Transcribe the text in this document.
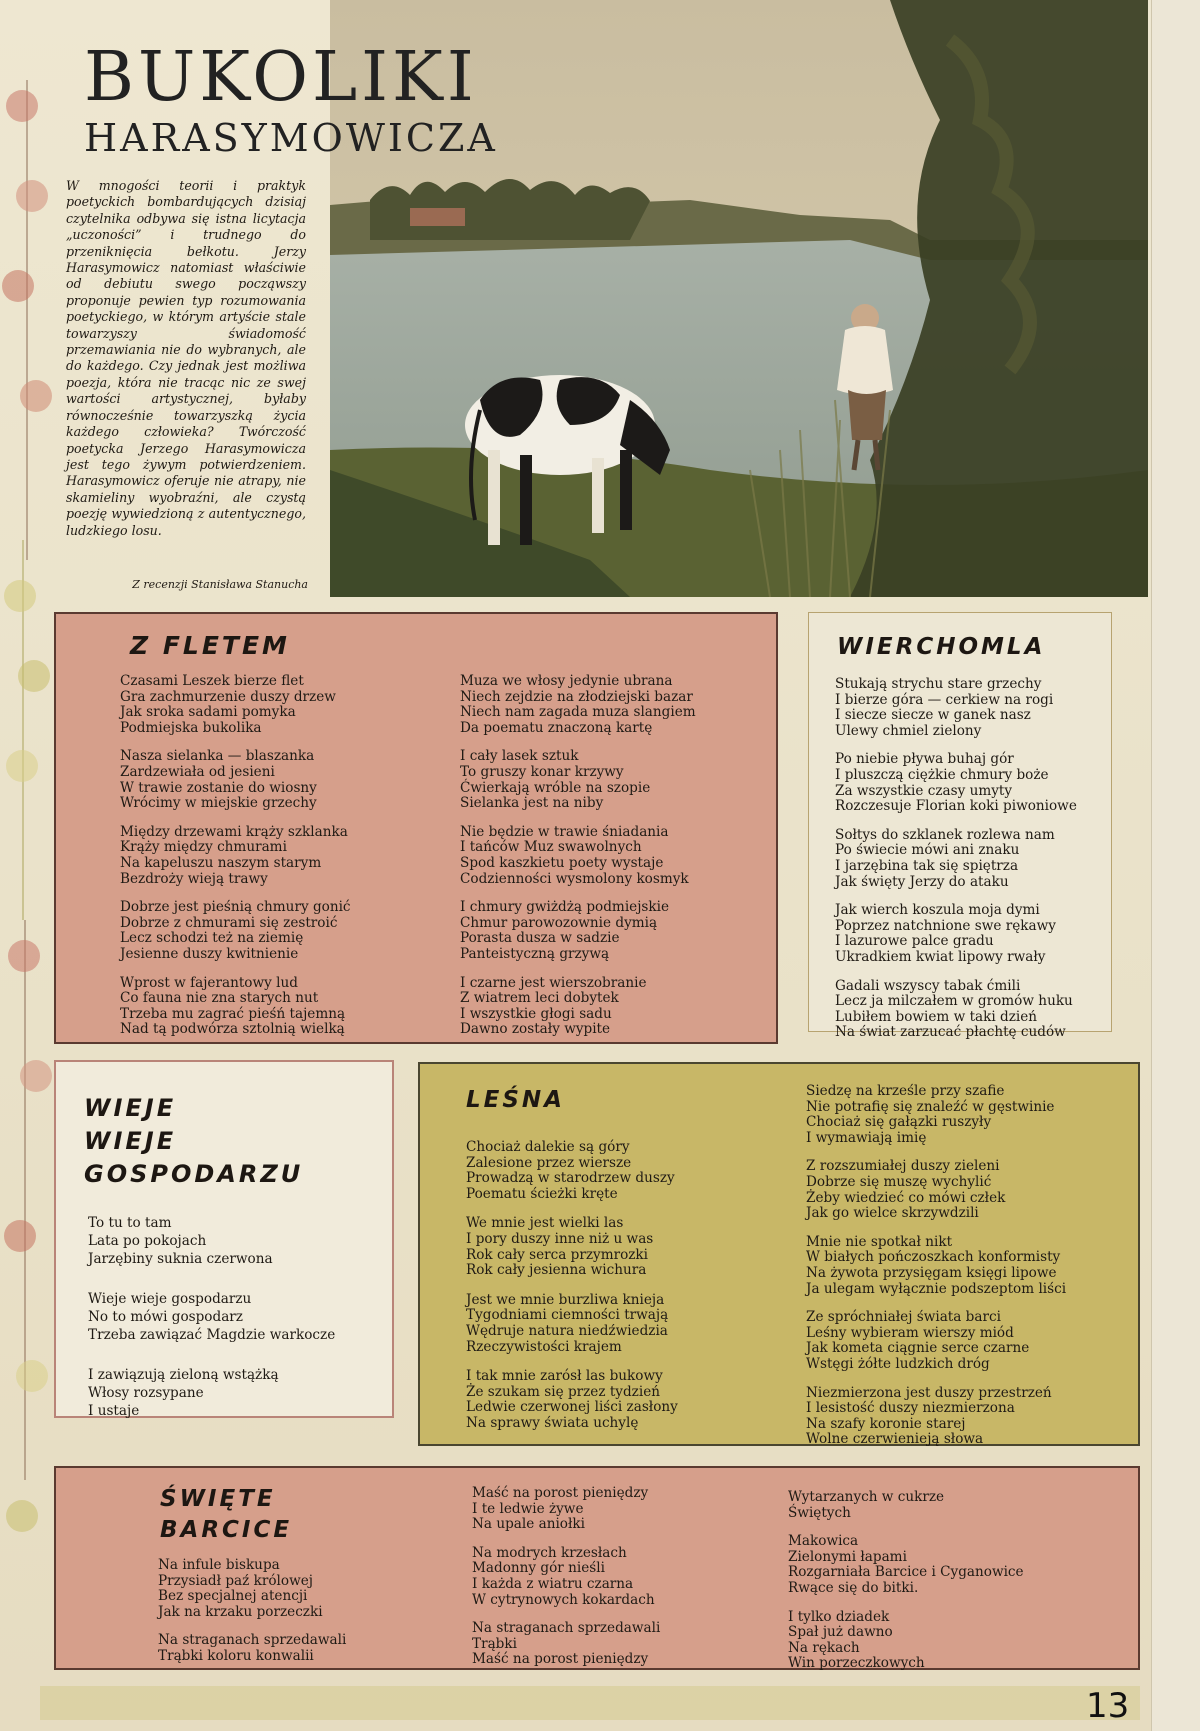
BUKOLIKI
HARASYMOWICZA
W mnogości teorii i praktyk poetyckich bombardujących dzisiaj czytelnika odbywa się istna licytacja „uczoności” i trudnego do przeniknięcia bełkotu. Jerzy Harasymowicz natomiast właściwie od debiutu swego począwszy proponuje pewien typ rozumowania poetyckiego, w którym artyście stale towarzyszy świadomość przemawiania nie do wybranych, ale do każdego. Czy jednak jest możliwa poezja, która nie tracąc nic ze swej wartości artystycznej, byłaby równocześnie towarzyszką życia każdego człowieka? Twórczość poetycka Jerzego Harasymowicza jest tego żywym potwierdzeniem. Harasymowicz oferuje nie atrapy, nie skamieliny wyobraźni, ale czystą poezję wywiedzioną z autentycznego, ludzkiego losu.
Z recenzji Stanisława Stanucha
Z FLETEM
Czasami Leszek bierze flet
Gra zachmurzenie duszy drzew
Jak sroka sadami pomyka
Podmiejska bukolika
Nasza sielanka — blaszanka
Zardzewiała od jesieni
W trawie zostanie do wiosny
Wrócimy w miejskie grzechy
Między drzewami krąży szklanka
Krąży między chmurami
Na kapeluszu naszym starym
Bezdroży wieją trawy
Dobrze jest pieśnią chmury gonić
Dobrze z chmurami się zestroić
Lecz schodzi też na ziemię
Jesienne duszy kwitnienie
Wprost w fajerantowy lud
Co fauna nie zna starych nut
Trzeba mu zagrać pieśń tajemną
Nad tą podwórza sztolnią wielką
Muza we włosy jedynie ubrana
Niech zejdzie na złodziejski bazar
Niech nam zagada muza slangiem
Da poematu znaczoną kartę
I cały lasek sztuk
To gruszy konar krzywy
Ćwierkają wróble na szopie
Sielanka jest na niby
Nie będzie w trawie śniadania
I tańców Muz swawolnych
Spod kaszkietu poety wystaje
Codzienności wysmolony kosmyk
I chmury gwiżdżą podmiejskie
Chmur parowozownie dymią
Porasta dusza w sadzie
Panteistyczną grzywą
I czarne jest wierszobranie
Z wiatrem leci dobytek
I wszystkie głogi sadu
Dawno zostały wypite
WIERCHOMLA
Stukają strychu stare grzechy
I bierze góra — cerkiew na rogi
I siecze siecze w ganek nasz
Ulewy chmiel zielony
Po niebie pływa buhaj gór
I pluszczą ciężkie chmury boże
Za wszystkie czasy umyty
Rozczesuje Florian koki piwoniowe
Sołtys do szklanek rozlewa nam
Po świecie mówi ani znaku
I jarzębina tak się spiętrza
Jak święty Jerzy do ataku
Jak wierch koszula moja dymi
Poprzez natchnione swe rękawy
I lazurowe palce gradu
Ukradkiem kwiat lipowy rwały
Gadali wszyscy tabak ćmili
Lecz ja milczałem w gromów huku
Lubiłem bowiem w taki dzień
Na świat zarzucać płachtę cudów
WIEJE
WIEJE
GOSPODARZU
To tu to tam
Lata po pokojach
Jarzębiny suknia czerwona
Wieje wieje gospodarzu
No to mówi gospodarz
Trzeba zawiązać Magdzie warkocze
I zawiązują zieloną wstążką
Włosy rozsypane
I ustaje
LEŚNA
Chociaż dalekie są góry
Zalesione przez wiersze
Prowadzą w starodrzew duszy
Poematu ścieżki kręte
We mnie jest wielki las
I pory duszy inne niż u was
Rok cały serca przymrozki
Rok cały jesienna wichura
Jest we mnie burzliwa knieja
Tygodniami ciemności trwają
Wędruje natura niedźwiedzia
Rzeczywistości krajem
I tak mnie zarósł las bukowy
Że szukam się przez tydzień
Ledwie czerwonej liści zasłony
Na sprawy świata uchylę
Siedzę na krześle przy szafie
Nie potrafię się znaleźć w gęstwinie
Chociaż się gałązki ruszyły
I wymawiają imię
Z rozszumiałej duszy zieleni
Dobrze się muszę wychylić
Żeby wiedzieć co mówi człek
Jak go wielce skrzywdzili
Mnie nie spotkał nikt
W białych pończoszkach konformisty
Na żywota przysięgam księgi lipowe
Ja ulegam wyłącznie podszeptom liści
Ze spróchniałej świata barci
Leśny wybieram wierszy miód
Jak kometa ciągnie serce czarne
Wstęgi żółte ludzkich dróg
Niezmierzona jest duszy przestrzeń
I lesistość duszy niezmierzona
Na szafy koronie starej
Wolne czerwienieją słowa
ŚWIĘTE
BARCICE
Na infule biskupa
Przysiadł paź królowej
Bez specjalnej atencji
Jak na krzaku porzeczki
Na straganach sprzedawali
Trąbki koloru konwalii
Maść na porost pieniędzy
I te ledwie żywe
Na upale aniołki
Na modrych krzesłach
Madonny gór nieśli
I każda z wiatru czarna
W cytrynowych kokardach
Na straganach sprzedawali
Trąbki
Maść na porost pieniędzy
Wytarzanych w cukrze
Świętych
Makowica
Zielonymi łapami
Rozgarniała Barcice i Cyganowice
Rwące się do bitki.
I tylko dziadek
Spał już dawno
Na rękach
Win porzeczkowych
13
